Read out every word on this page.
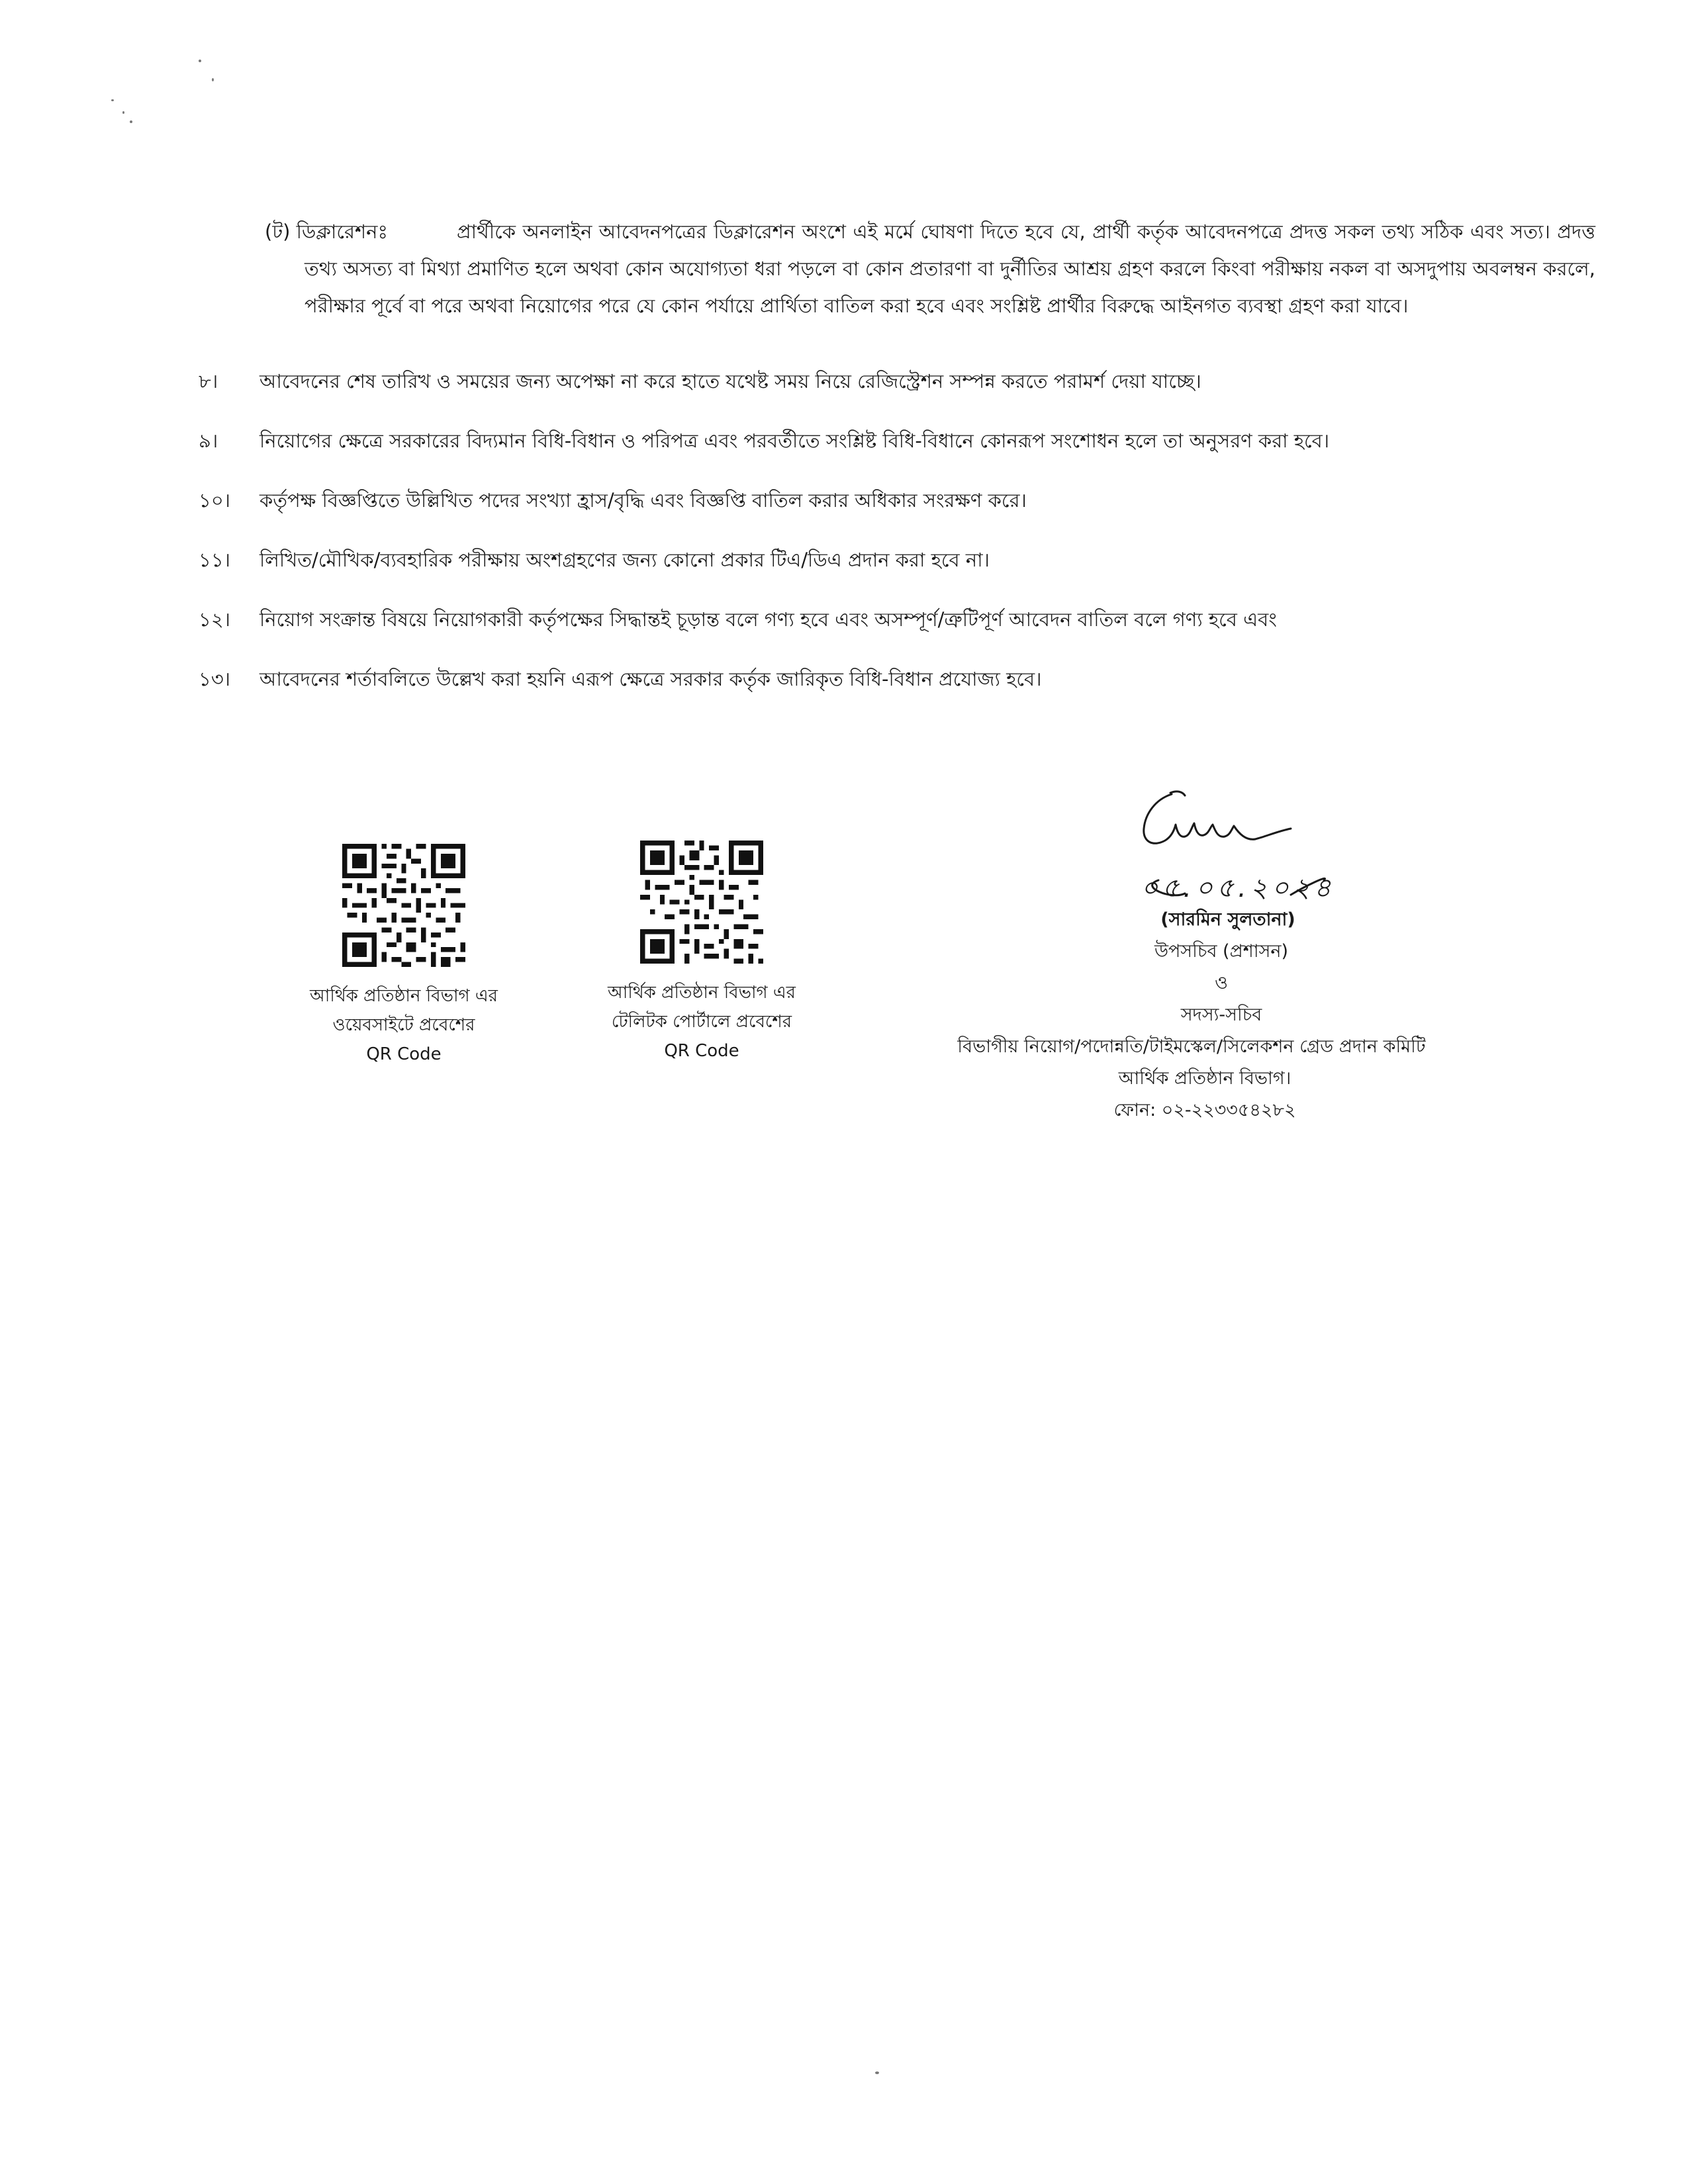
(ট) ডিক্লারেশনঃ	প্রার্থীকে অনলাইন আবেদনপত্রের ডিক্লারেশন অংশে এই মর্মে ঘোষণা দিতে হবে যে, প্রার্থী কর্তৃক আবেদনপত্রে প্রদত্ত সকল তথ্য সঠিক এবং সত্য। প্রদত্ত তথ্য অসত্য বা মিথ্যা প্রমাণিত হলে অথবা কোন অযোগ্যতা ধরা পড়লে বা কোন প্রতারণা বা দুর্নীতির আশ্রয় গ্রহণ করলে কিংবা পরীক্ষায় নকল বা অসদুপায় অবলম্বন করলে, পরীক্ষার পূর্বে বা পরে অথবা নিয়োগের পরে যে কোন পর্যায়ে প্রার্থিতা বাতিল করা হবে এবং সংশ্লিষ্ট প্রার্থীর বিরুদ্ধে আইনগত ব্যবস্থা গ্রহণ করা যাবে।
৮।	আবেদনের শেষ তারিখ ও সময়ের জন্য অপেক্ষা না করে হাতে যথেষ্ট সময় নিয়ে রেজিস্ট্রেশন সম্পন্ন করতে পরামর্শ দেয়া যাচ্ছে।
৯।	নিয়োগের ক্ষেত্রে সরকারের বিদ্যমান বিধি-বিধান ও পরিপত্র এবং পরবর্তীতে সংশ্লিষ্ট বিধি-বিধানে কোনরূপ সংশোধন হলে তা অনুসরণ করা হবে।
১০।	কর্তৃপক্ষ বিজ্ঞপ্তিতে উল্লিখিত পদের সংখ্যা হ্রাস/বৃদ্ধি এবং বিজ্ঞপ্তি বাতিল করার অধিকার সংরক্ষণ করে।
১১।	লিখিত/মৌখিক/ব্যবহারিক পরীক্ষায় অংশগ্রহণের জন্য কোনো প্রকার টিএ/ডিএ প্রদান করা হবে না।
১২।	নিয়োগ সংক্রান্ত বিষয়ে নিয়োগকারী কর্তৃপক্ষের সিদ্ধান্তই চূড়ান্ত বলে গণ্য হবে এবং অসম্পূর্ণ/ত্রুটিপূর্ণ আবেদন বাতিল বলে গণ্য হবে এবং
১৩।	আবেদনের শর্তাবলিতে উল্লেখ করা হয়নি এরূপ ক্ষেত্রে সরকার কর্তৃক জারিকৃত বিধি-বিধান প্রযোজ্য হবে।
আর্থিক প্রতিষ্ঠান বিভাগ এর
ওয়েবসাইটে প্রবেশের
QR Code
আর্থিক প্রতিষ্ঠান বিভাগ এর
টেলিটক পোর্টালে প্রবেশের
QR Code
০৫.০৫.২০২৪
(সারমিন সুলতানা)
উপসচিব (প্রশাসন)
ও
সদস্য-সচিব
বিভাগীয় নিয়োগ/পদোন্নতি/টাইমস্কেল/সিলেকশন গ্রেড প্রদান কমিটি
আর্থিক প্রতিষ্ঠান বিভাগ।
ফোন: ০২-২২৩৩৫৪২৮২
